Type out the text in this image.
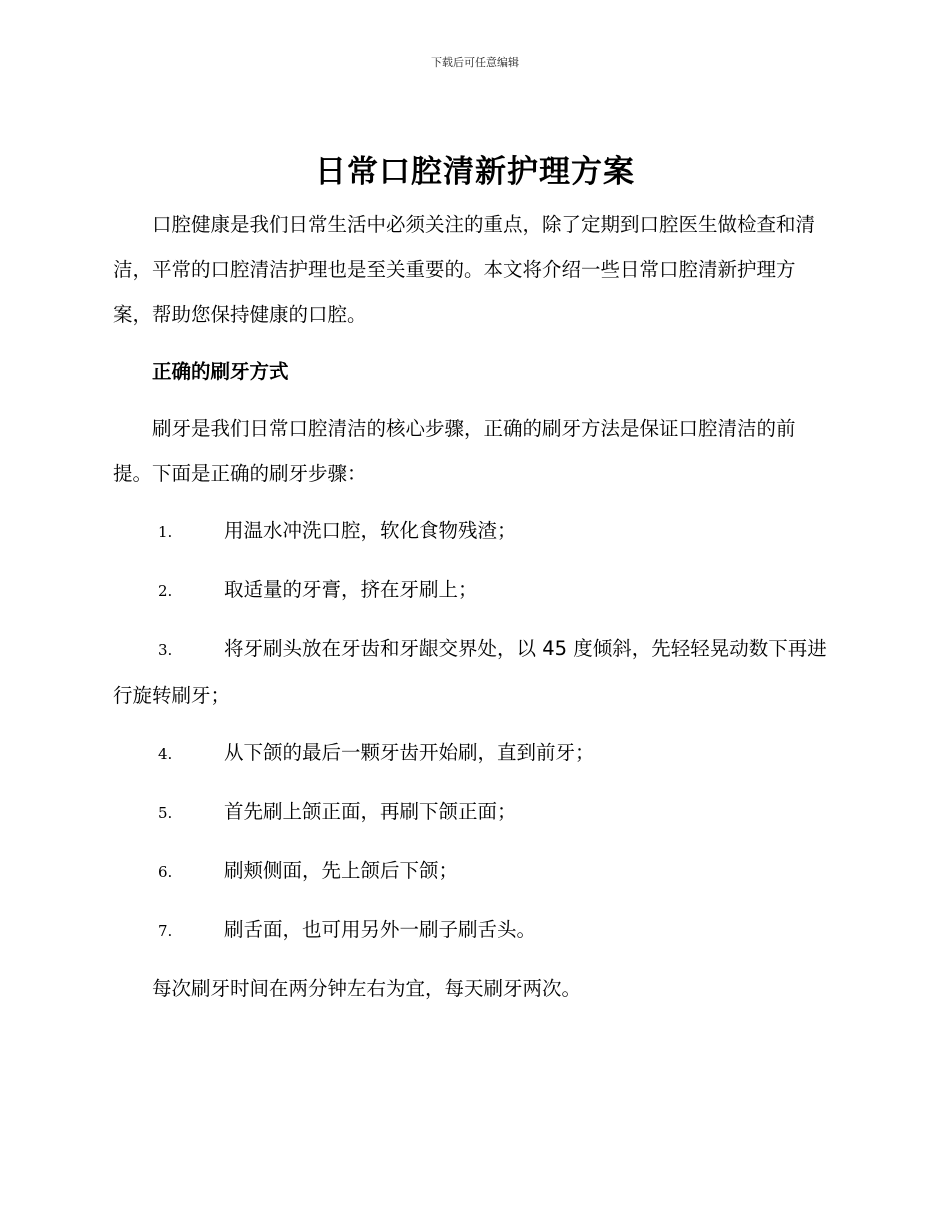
下载后可任意编辑
日常口腔清新护理方案

口腔健康是我们日常生活中必须关注的重点，除了定期到口腔医生做检查和清洁，平常的口腔清洁护理也是至关重要的。本文将介绍一些日常口腔清新护理方案，帮助您保持健康的口腔。

正确的刷牙方式

刷牙是我们日常口腔清洁的核心步骤，正确的刷牙方法是保证口腔清洁的前提。下面是正确的刷牙步骤：

1.	用温水冲洗口腔，软化食物残渣；

2.	取适量的牙膏，挤在牙刷上；

3.	将牙刷头放在牙齿和牙龈交界处，以 45 度倾斜，先轻轻晃动数下再进行旋转刷牙；

4.	从下颌的最后一颗牙齿开始刷，直到前牙；

5.	首先刷上颌正面，再刷下颌正面；

6.	刷颊侧面，先上颌后下颌；

7.	刷舌面，也可用另外一刷子刷舌头。

每次刷牙时间在两分钟左右为宜，每天刷牙两次。
